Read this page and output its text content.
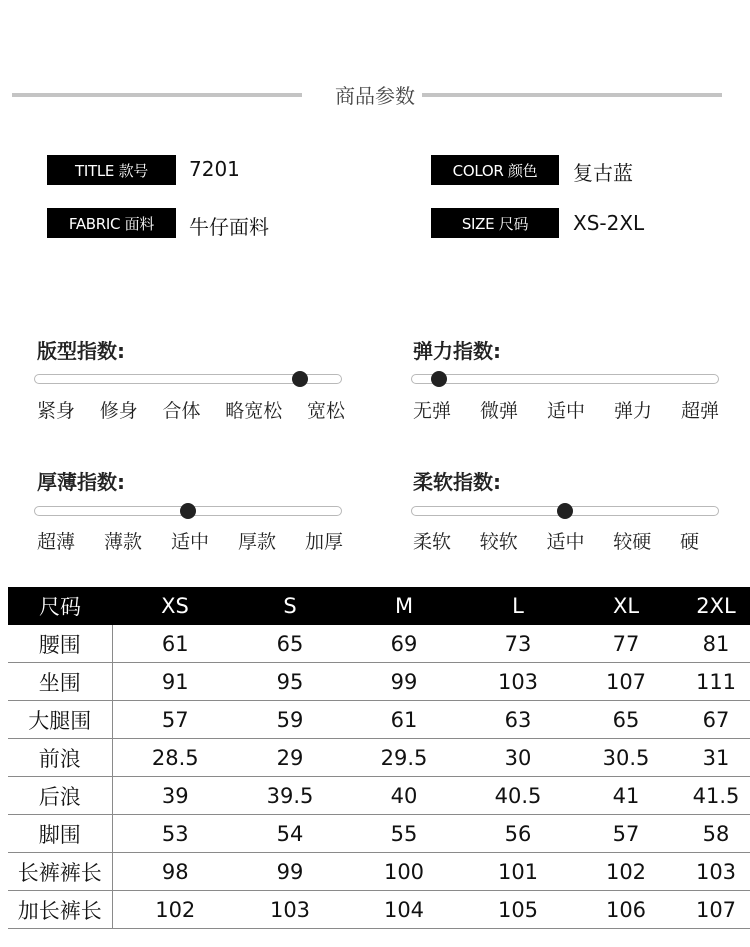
商品参数
TITLE 款号	7201	COLOR 颜色	复古蓝
FABRIC 面料	牛仔面料	SIZE 尺码	XS-2XL
版型指数:
紧身 修身 合体 略宽松 宽松
弹力指数:
无弹 微弹 适中 弹力 超弹
厚薄指数:
超薄 薄款 适中 厚款 加厚
柔软指数:
柔软 较软 适中 较硬 硬
尺码	XS	S	M	L	XL	2XL
腰围	61	65	69	73	77	81
坐围	91	95	99	103	107	111
大腿围	57	59	61	63	65	67
前浪	28.5	29	29.5	30	30.5	31
后浪	39	39.5	40	40.5	41	41.5
脚围	53	54	55	56	57	58
长裤裤长	98	99	100	101	102	103
加长裤长	102	103	104	105	106	107
